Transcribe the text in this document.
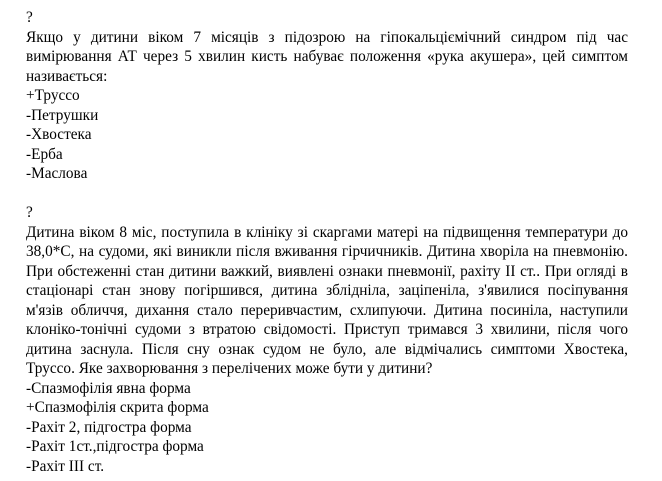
?

Якщо у дитини віком 7 місяців з підозрою на гіпокальціємічний синдром під час вимірювання АТ через 5 хвилин кисть набуває положення «рука акушера», цей симптом називається:

+Труссо
-Петрушки
-Хвостека
-Ерба
-Маслова

?

Дитина віком 8 міс, поступила в клініку зі скаргами матері на підвищення температури до 38,0*С, на судоми, які виникли після вживання гірчичників. Дитина хворіла на пневмонію. При обстеженні стан дитини важкий, виявлені ознаки пневмонії, рахіту ІІ ст.. При огляді в стаціонарі стан знову погіршився, дитина зблідніла, заціпеніла, з'явилися посіпування м'язів обличчя, дихання стало переривчастим, схлипуючи. Дитина посиніла, наступили клоніко-тонічні судоми з втратою свідомості. Приступ тримався 3 хвилини, після чого дитина заснула. Після сну ознак судом не було, але відмічались симптоми Хвостека, Труссо. Яке захворювання з перелічених може бути у дитини?

-Спазмофілія явна форма
+Спазмофілія скрита форма
-Рахіт 2, підгостра форма
-Рахіт 1ст.,підгостра форма
-Рахіт ІІІ ст.
